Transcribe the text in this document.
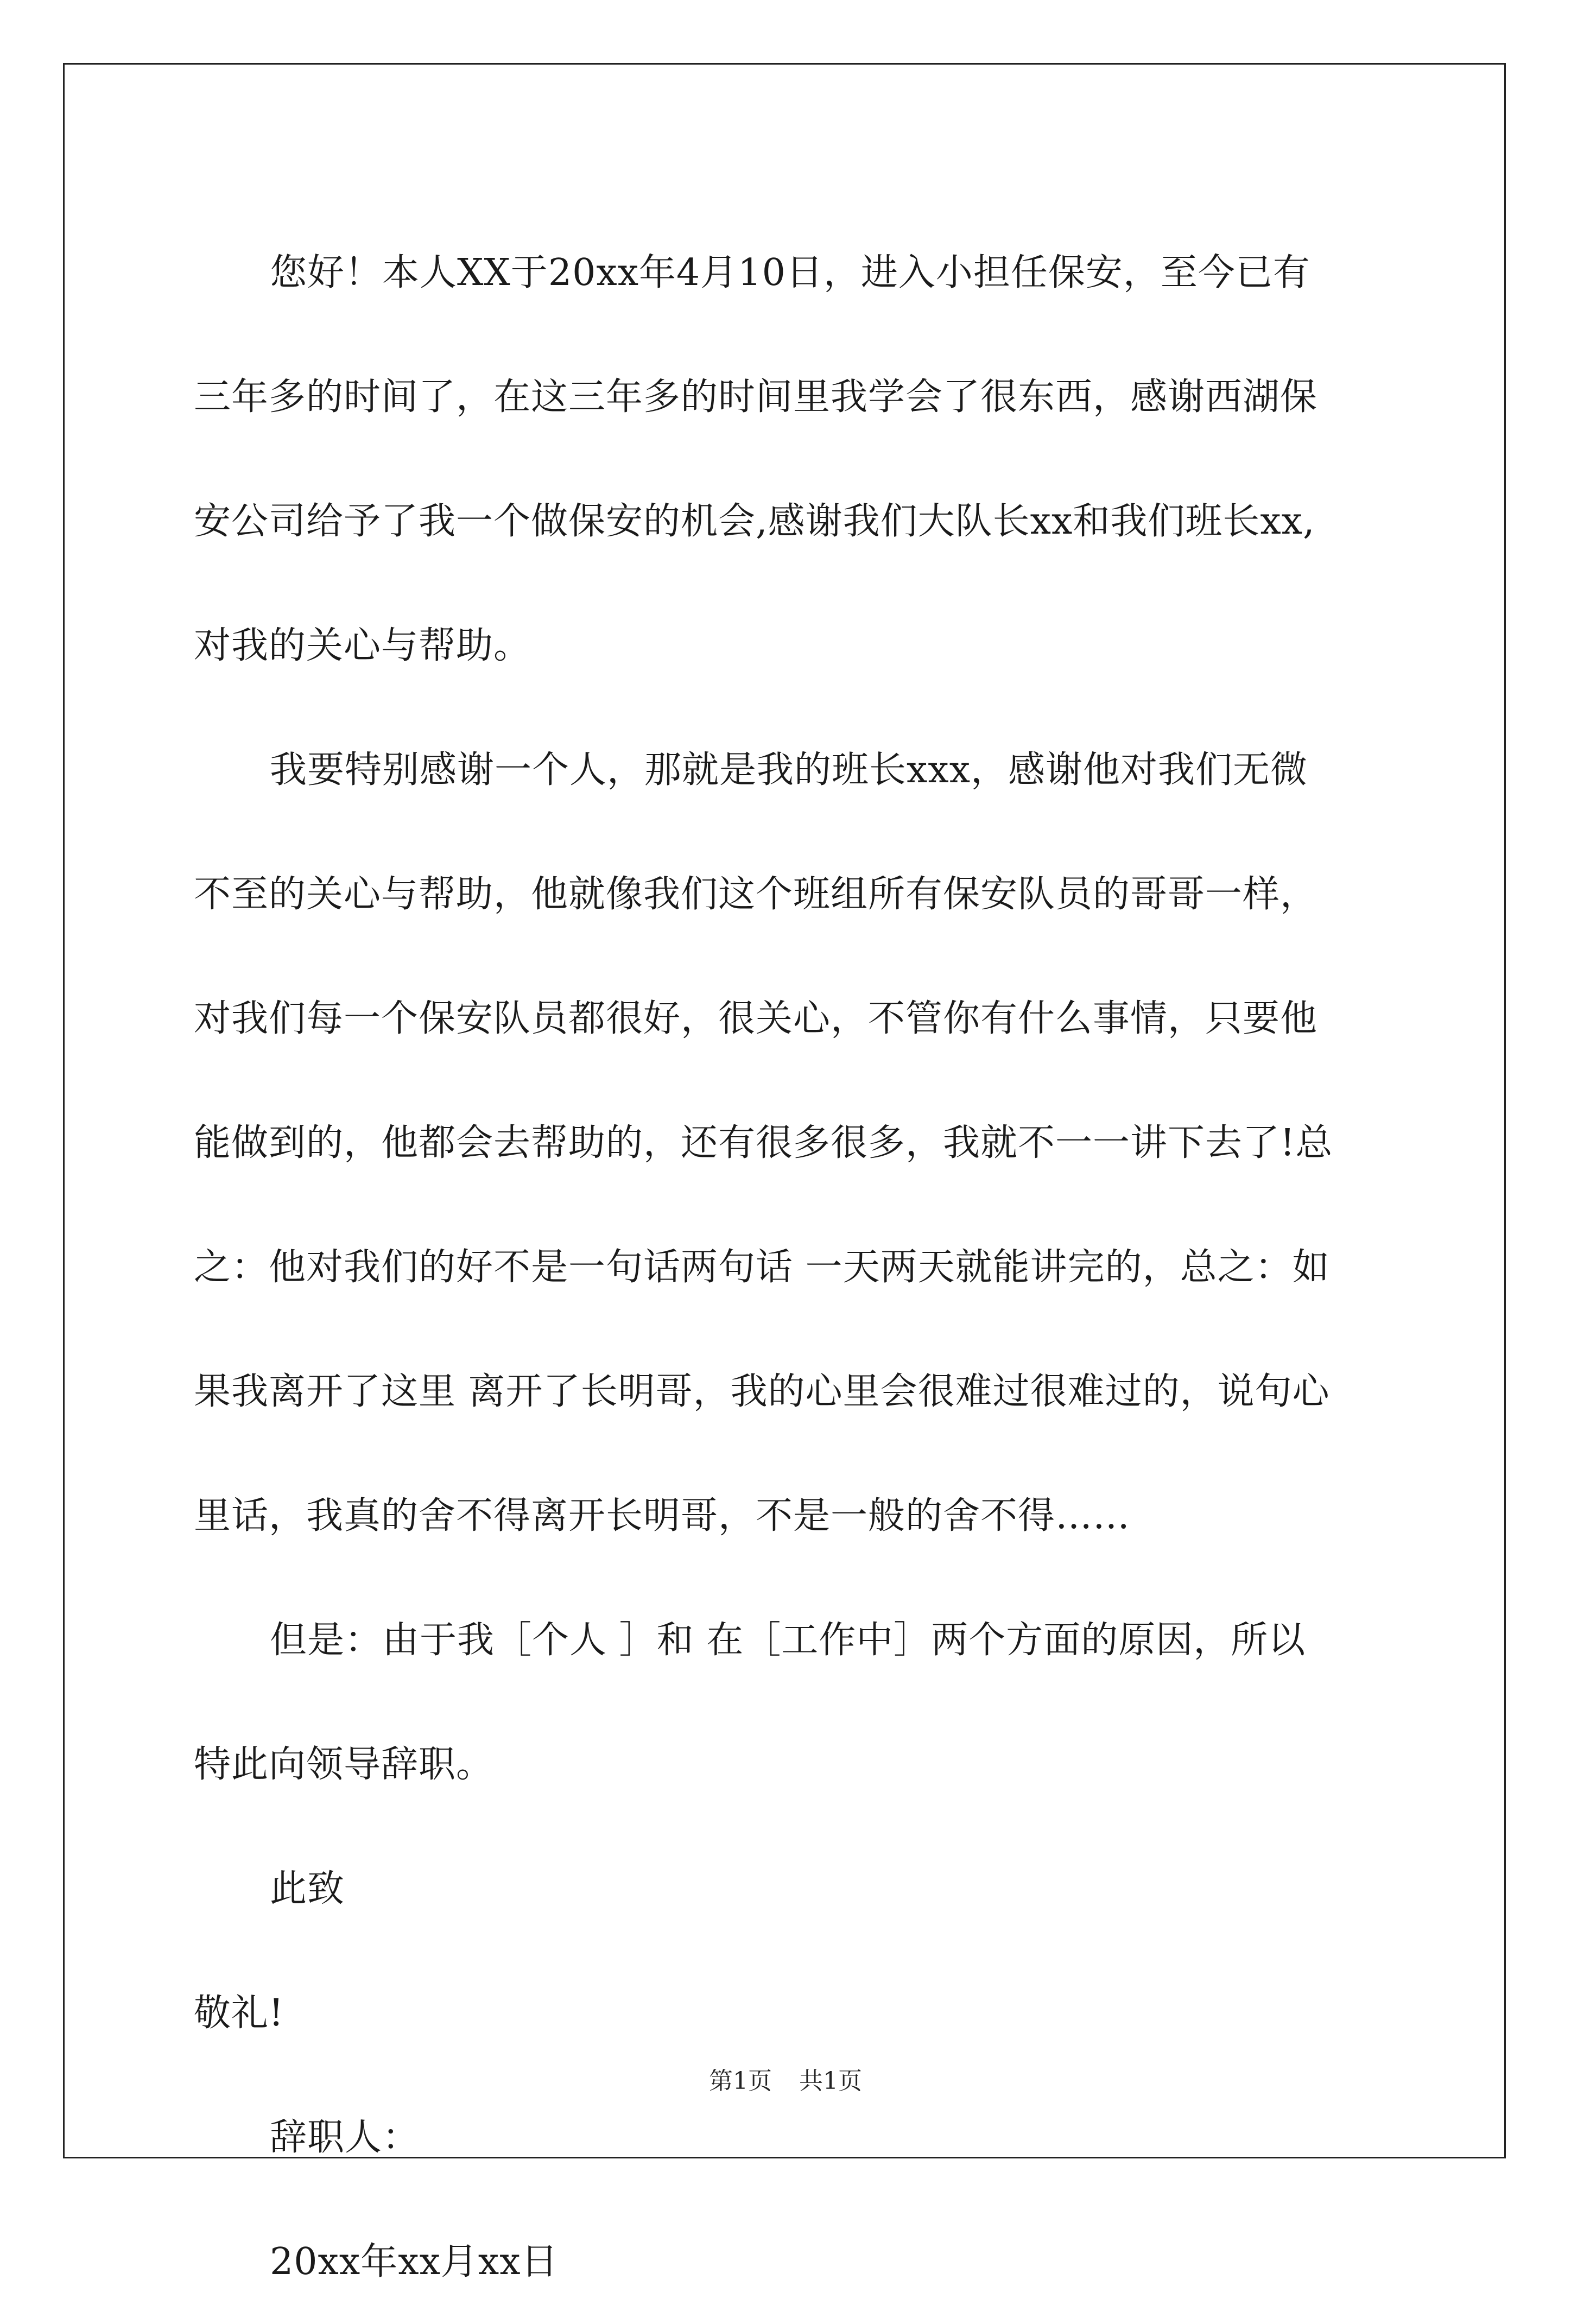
您好！本人XX于20xx年4月10日，进入小担任保安，至今已有

三年多的时间了，在这三年多的时间里我学会了很东西，感谢西湖保

安公司给予了我一个做保安的机会,感谢我们大队长xx和我们班长xx,

对我的关心与帮助。

我要特别感谢一个人，那就是我的班长xxx，感谢他对我们无微

不至的关心与帮助，他就像我们这个班组所有保安队员的哥哥一样，

对我们每一个保安队员都很好，很关心，不管你有什么事情，只要他

能做到的，他都会去帮助的，还有很多很多，我就不一一讲下去了!总

之：他对我们的好不是一句话两句话 一天两天就能讲完的，总之：如

果我离开了这里 离开了长明哥，我的心里会很难过很难过的，说句心

里话，我真的舍不得离开长明哥，不是一般的舍不得……

但是：由于我［个人 ］和 在［工作中］两个方面的原因，所以

特此向领导辞职。

此致

敬礼!

辞职人：

20xx年xx月xx日

第1页 共1页
